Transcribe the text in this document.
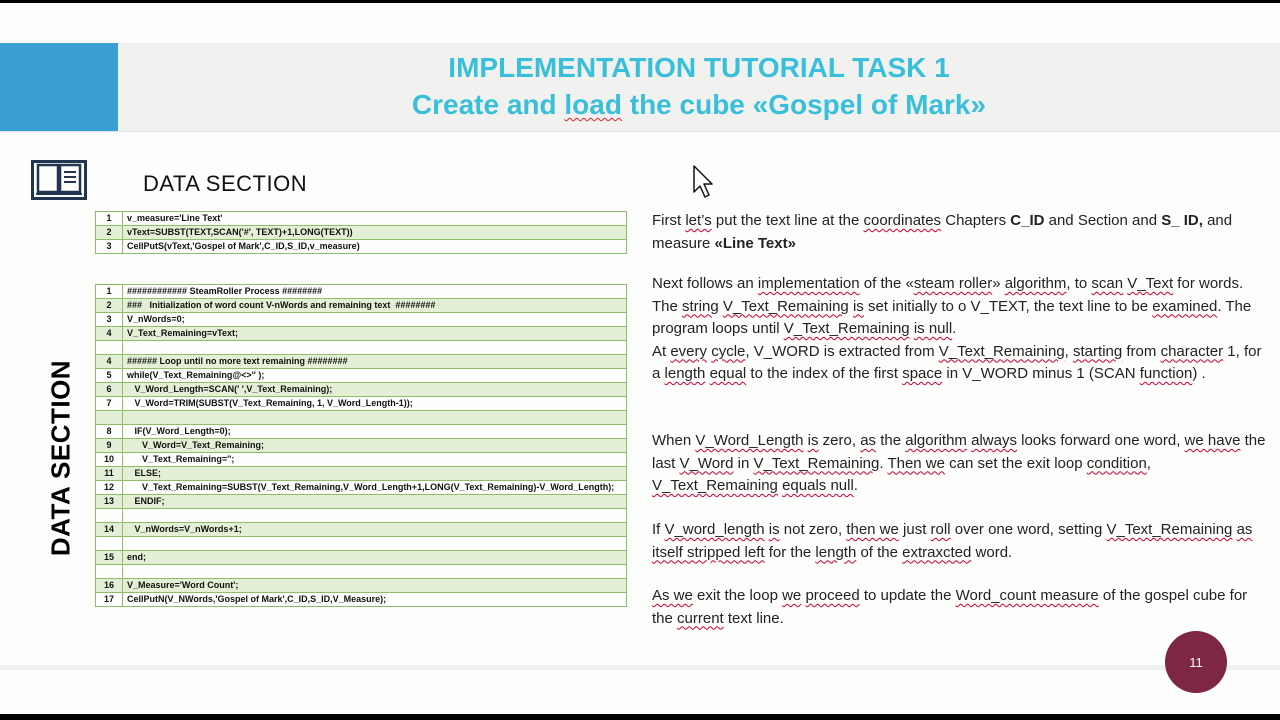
IMPLEMENTATION TUTORIAL TASK 1
Create and load the cube «Gospel of Mark»
DATA SECTION
DATA SECTION
1	v_measure='Line Text'
2	vText=SUBST(TEXT,SCAN('#', TEXT)+1,LONG(TEXT))
3	CellPutS(vText,'Gospel of Mark',C_ID,S_ID,v_measure)
1	############ SteamRoller Process ########
2	###   Initialization of word count V-nWords and remaining text  ########
3	V_nWords=0;
4	V_Text_Remaining=vText;

4	###### Loop until no more text remaining ########
5	while(V_Text_Remaining@<>'' );
6	V_Word_Length=SCAN(' ',V_Text_Remaining);
7	V_Word=TRIM(SUBST(V_Text_Remaining, 1, V_Word_Length-1));

8	IF(V_Word_Length=0);
9	V_Word=V_Text_Remaining;
10	V_Text_Remaining='';
11	ELSE;
12	V_Text_Remaining=SUBST(V_Text_Remaining,V_Word_Length+1,LONG(V_Text_Remaining)-V_Word_Length);
13	ENDIF;

14	V_nWords=V_nWords+1;

15	end;

16	V_Measure='Word Count';
17	CellPutN(V_NWords,'Gospel of Mark',C_ID,S_ID,V_Measure);
First let’s put the text line at the coordinates Chapters C_ID and Section and S_ ID, and measure «Line Text»
Next follows an implementation of the «steam roller» algorithm, to scan V_Text for words. The string V_Text_Remaining is set initially to o V_TEXT, the text line to be examined. The program loops until V_Text_Remaining is null.
At every cycle, V_WORD is extracted from V_Text_Remaining, starting from character 1, for a length equal to the index of the first space in V_WORD minus 1 (SCAN function) .
When V_Word_Length is zero, as the algorithm always looks forward one word, we have the last V_Word in V_Text_Remaining. Then we can set the exit loop condition, V_Text_Remaining equals null.
If V_word_length is not zero, then we just roll over one word, setting V_Text_Remaining as itself stripped left for the length of the extraxcted word.
As we exit the loop we proceed to update the Word_count measure of the gospel cube for the current text line.
11
